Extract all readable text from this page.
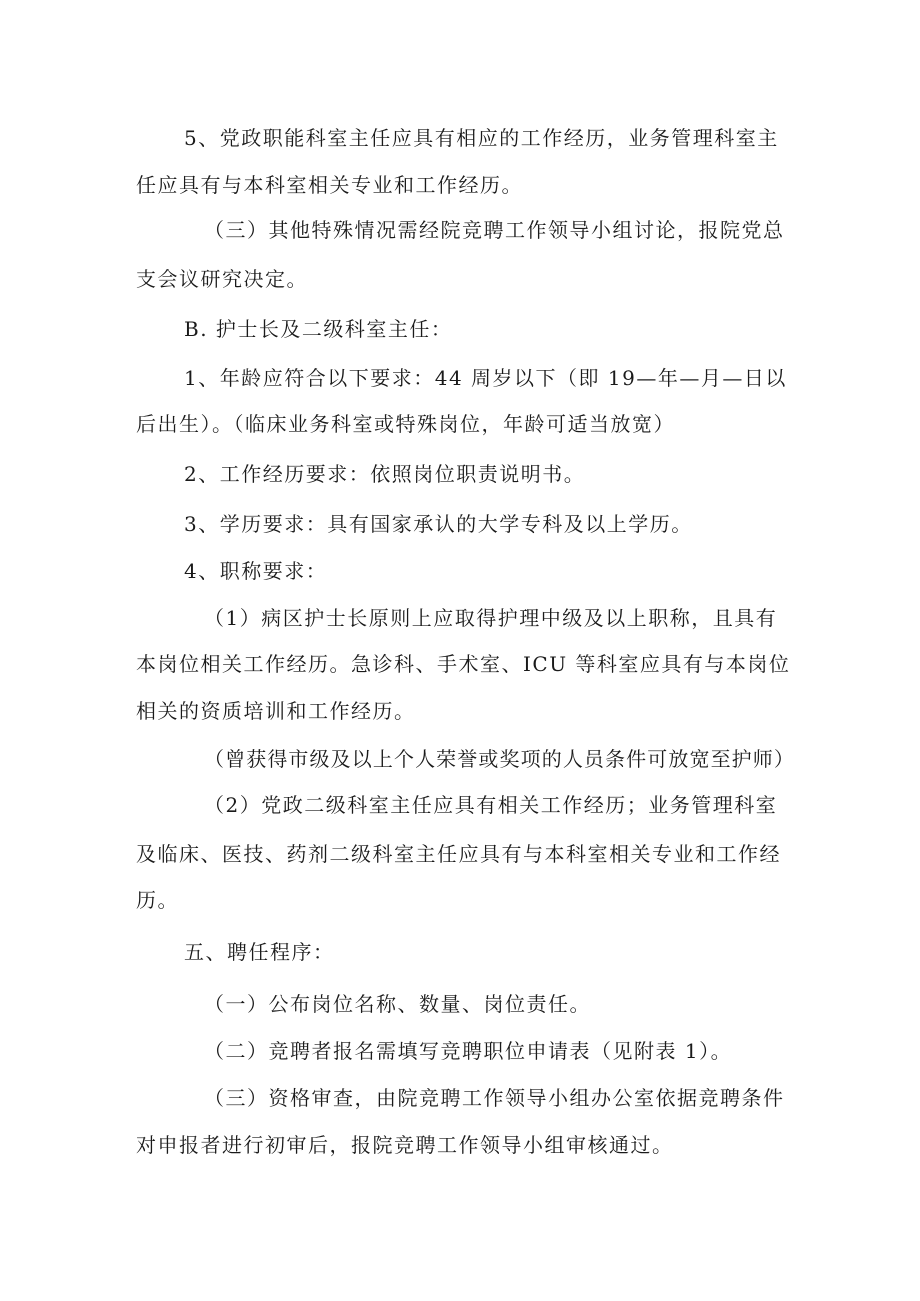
5、党政职能科室主任应具有相应的工作经历，业务管理科室主

任应具有与本科室相关专业和工作经历。

（三）其他特殊情况需经院竞聘工作领导小组讨论，报院党总

支会议研究决定。

B. 护士长及二级科室主任：

1、年龄应符合以下要求：44 周岁以下（即 19—年—月—日以

后出生）。（临床业务科室或特殊岗位，年龄可适当放宽）

2、工作经历要求：依照岗位职责说明书。

3、学历要求：具有国家承认的大学专科及以上学历。

4、职称要求：

（1）病区护士长原则上应取得护理中级及以上职称，且具有

本岗位相关工作经历。急诊科、手术室、ICU 等科室应具有与本岗位

相关的资质培训和工作经历。

（曾获得市级及以上个人荣誉或奖项的人员条件可放宽至护师）

（2）党政二级科室主任应具有相关工作经历；业务管理科室

及临床、医技、药剂二级科室主任应具有与本科室相关专业和工作经

历。

五、聘任程序：

（一）公布岗位名称、数量、岗位责任。

（二）竞聘者报名需填写竞聘职位申请表（见附表 1）。

（三）资格审查，由院竞聘工作领导小组办公室依据竞聘条件

对申报者进行初审后，报院竞聘工作领导小组审核通过。
